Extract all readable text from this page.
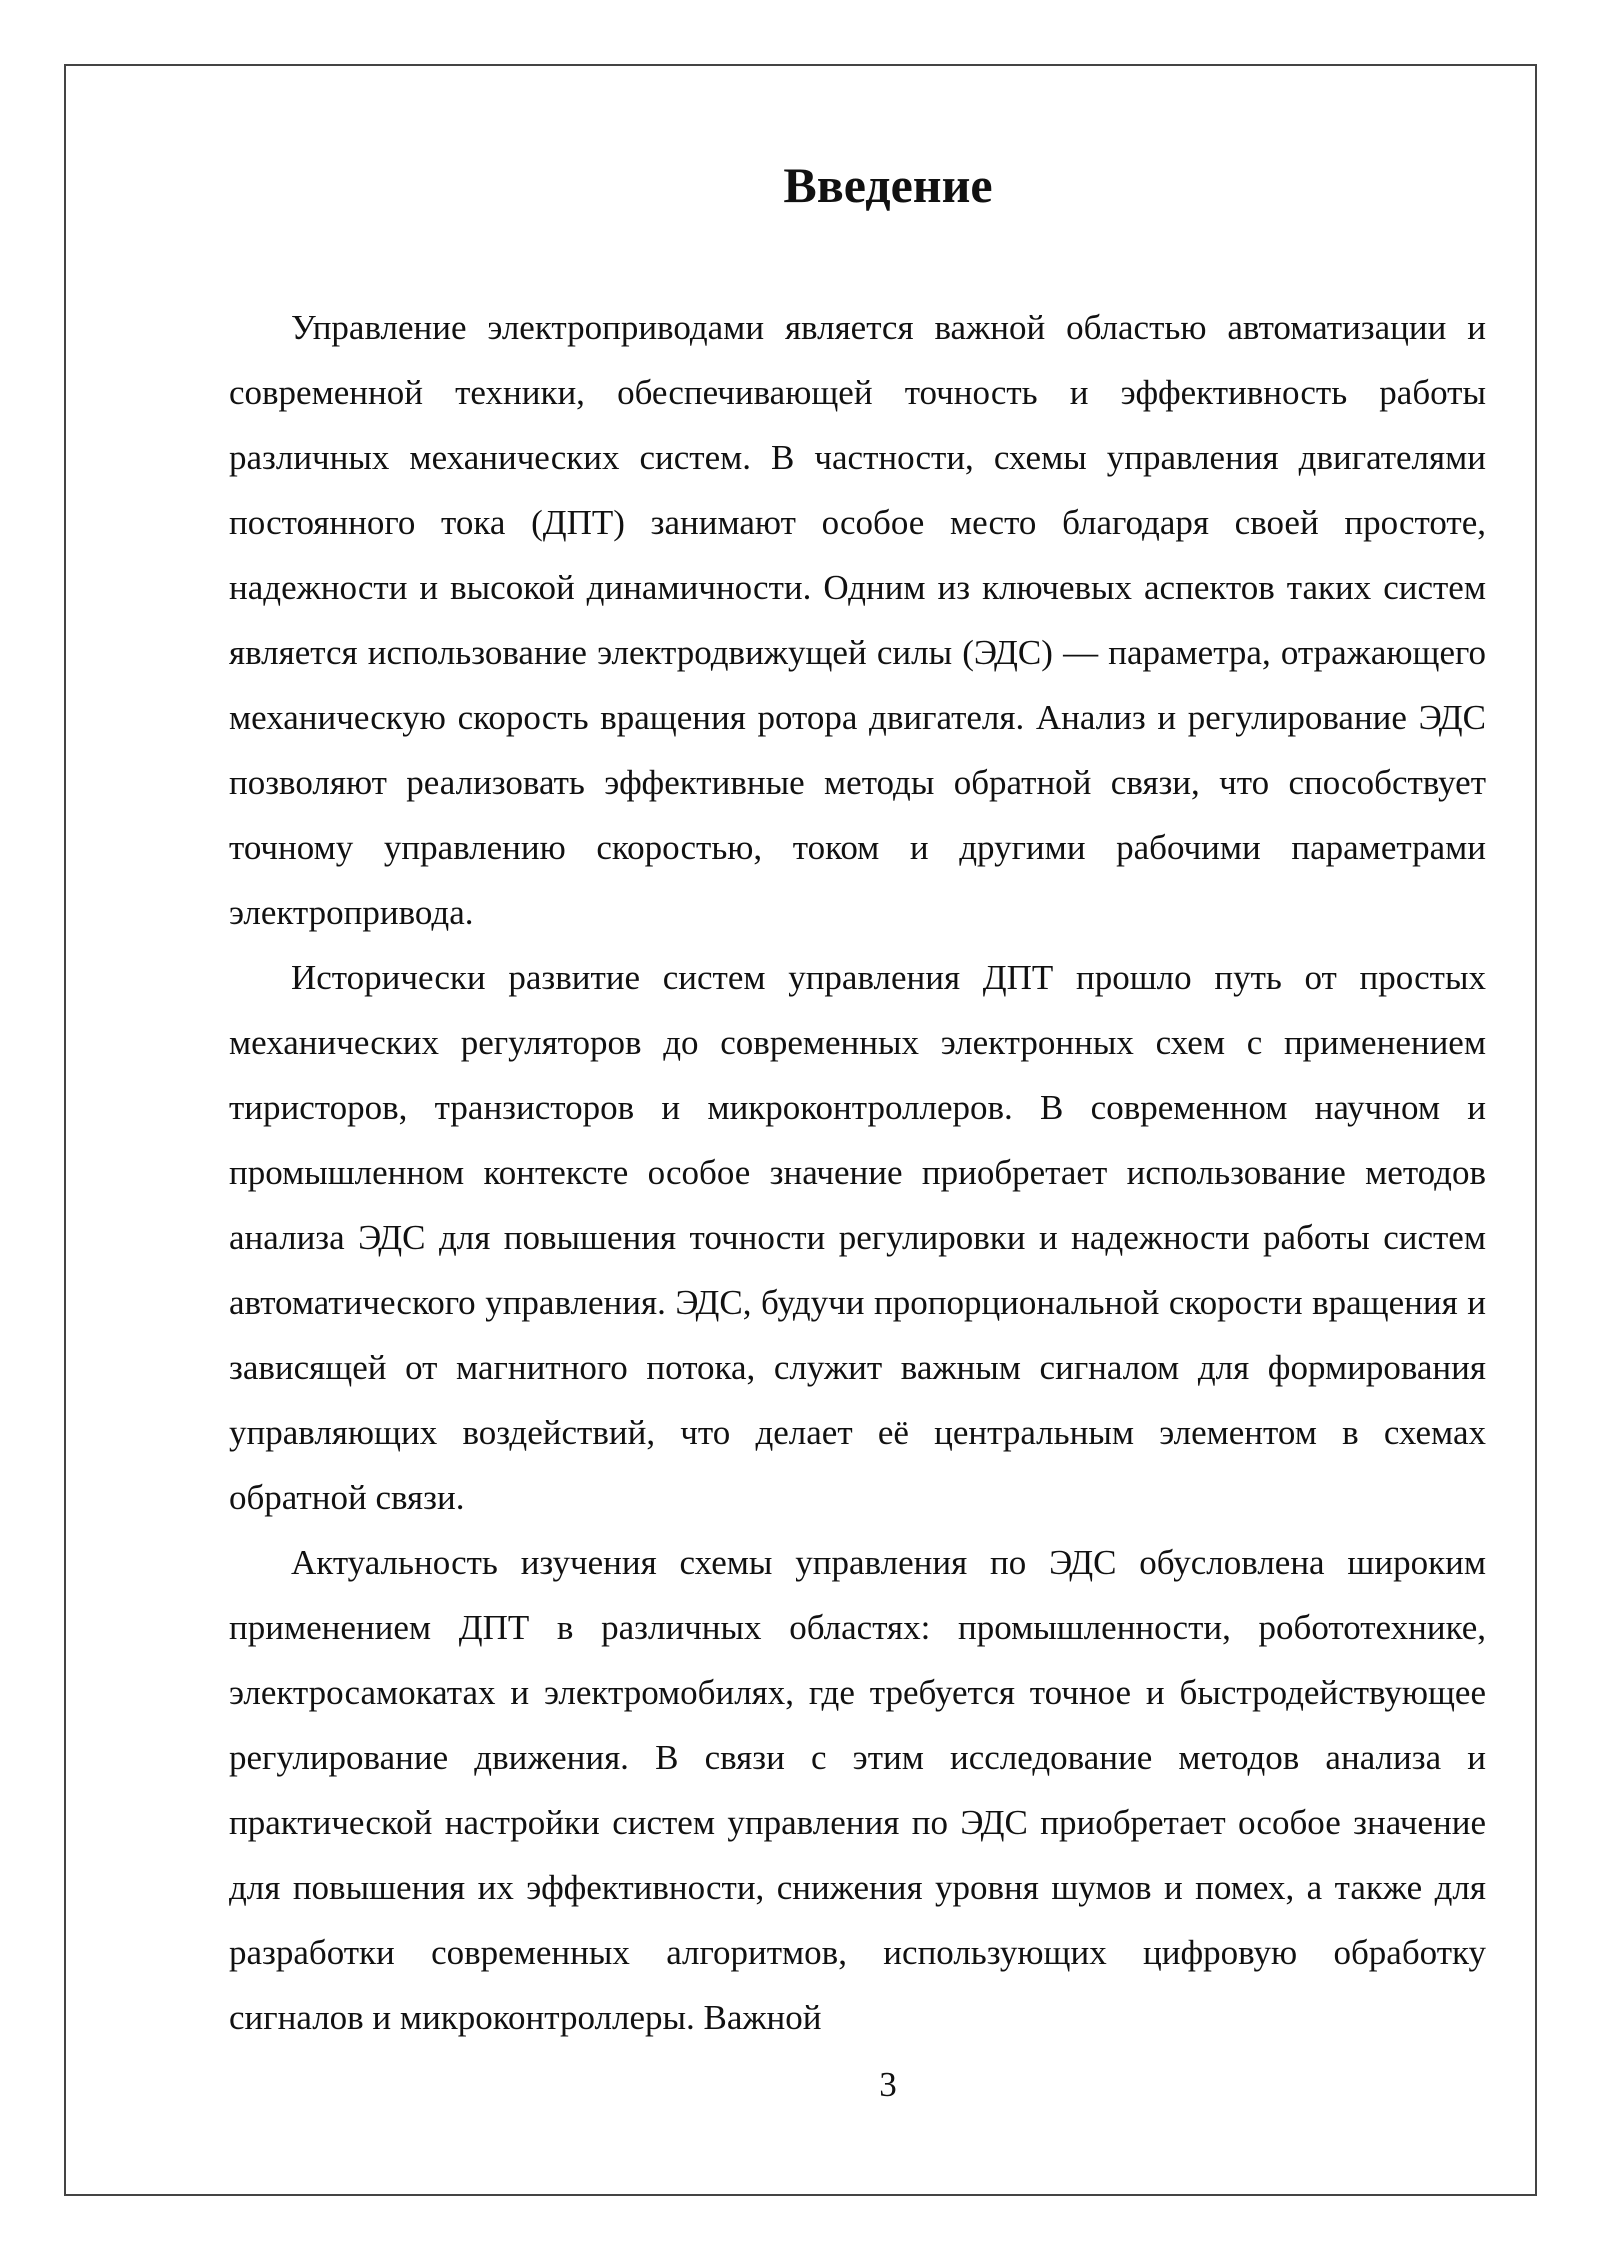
Введение

Управление электроприводами является важной областью автоматизации и современной техники, обеспечивающей точность и эффективность работы различных механических систем. В частности, схемы управления двигателями постоянного тока (ДПТ) занимают особое место благодаря своей простоте, надежности и высокой динамичности. Одним из ключевых аспектов таких систем является использование электродвижущей силы (ЭДС) — параметра, отражающего механическую скорость вращения ротора двигателя. Анализ и регулирование ЭДС позволяют реализовать эффективные методы обратной связи, что способствует точному управлению скоростью, током и другими рабочими параметрами электропривода.

Исторически развитие систем управления ДПТ прошло путь от простых механических регуляторов до современных электронных схем с применением тиристоров, транзисторов и микроконтроллеров. В современном научном и промышленном контексте особое значение приобретает использование методов анализа ЭДС для повышения точности регулировки и надежности работы систем автоматического управления. ЭДС, будучи пропорциональной скорости вращения и зависящей от магнитного потока, служит важным сигналом для формирования управляющих воздействий, что делает её центральным элементом в схемах обратной связи.

Актуальность изучения схемы управления по ЭДС обусловлена широким применением ДПТ в различных областях: промышленности, робототехнике, электросамокатах и электромобилях, где требуется точное и быстродействующее регулирование движения. В связи с этим исследование методов анализа и практической настройки систем управления по ЭДС приобретает особое значение для повышения их эффективности, снижения уровня шумов и помех, а также для разработки современных алгоритмов, использующих цифровую обработку сигналов и микроконтроллеры. Важной

3
